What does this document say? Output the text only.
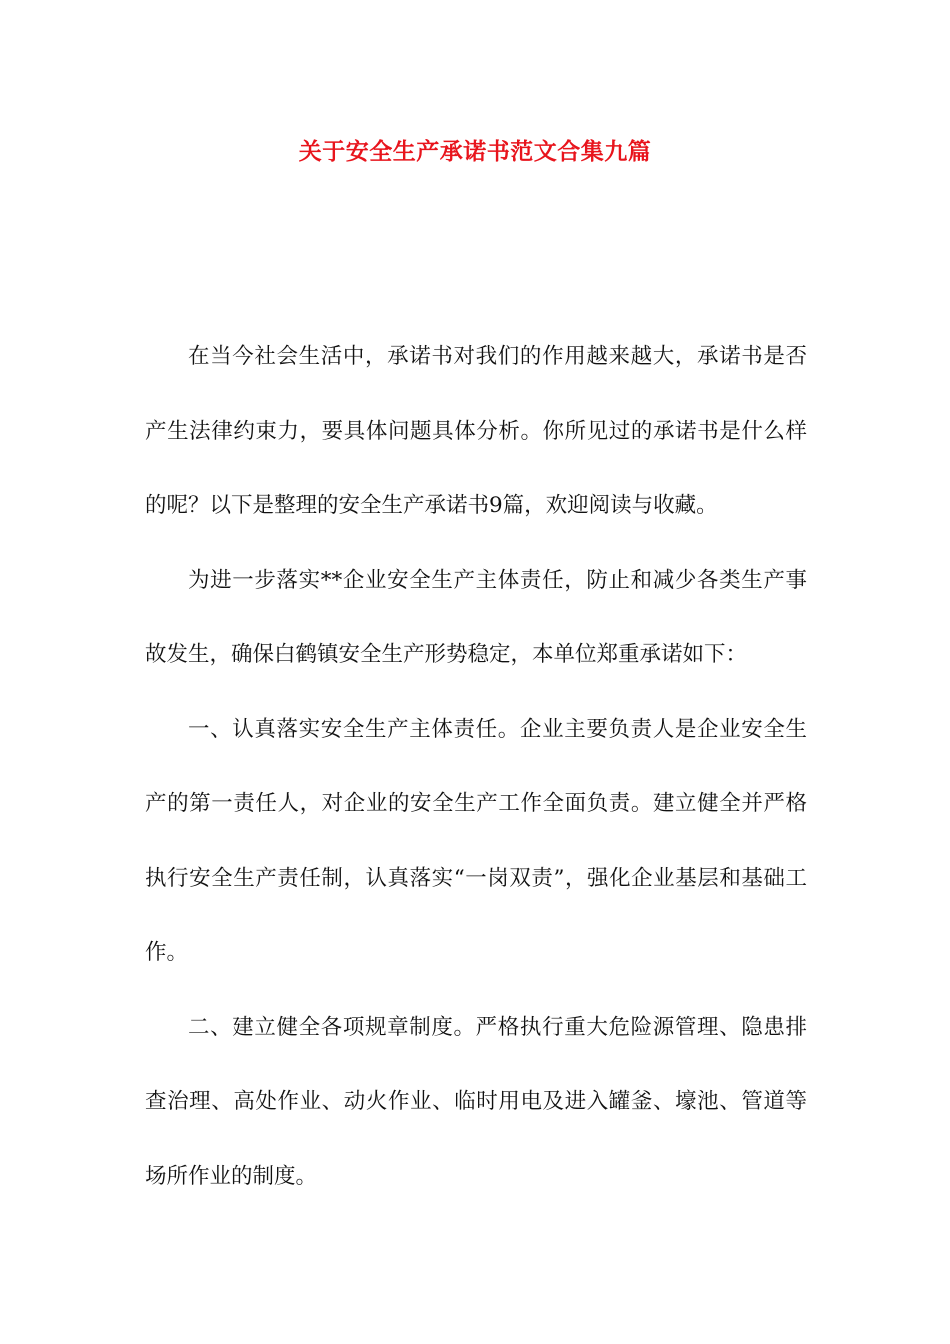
关于安全生产承诺书范文合集九篇

在当今社会生活中，承诺书对我们的作用越来越大，承诺书是否产生法律约束力，要具体问题具体分析。你所见过的承诺书是什么样的呢？以下是整理的安全生产承诺书9篇，欢迎阅读与收藏。

为进一步落实**企业安全生产主体责任，防止和减少各类生产事故发生，确保白鹤镇安全生产形势稳定，本单位郑重承诺如下：

一、认真落实安全生产主体责任。企业主要负责人是企业安全生产的第一责任人，对企业的安全生产工作全面负责。建立健全并严格执行安全生产责任制，认真落实“一岗双责”，强化企业基层和基础工作。

二、建立健全各项规章制度。严格执行重大危险源管理、隐患排查治理、高处作业、动火作业、临时用电及进入罐釜、壕池、管道等场所作业的制度。
